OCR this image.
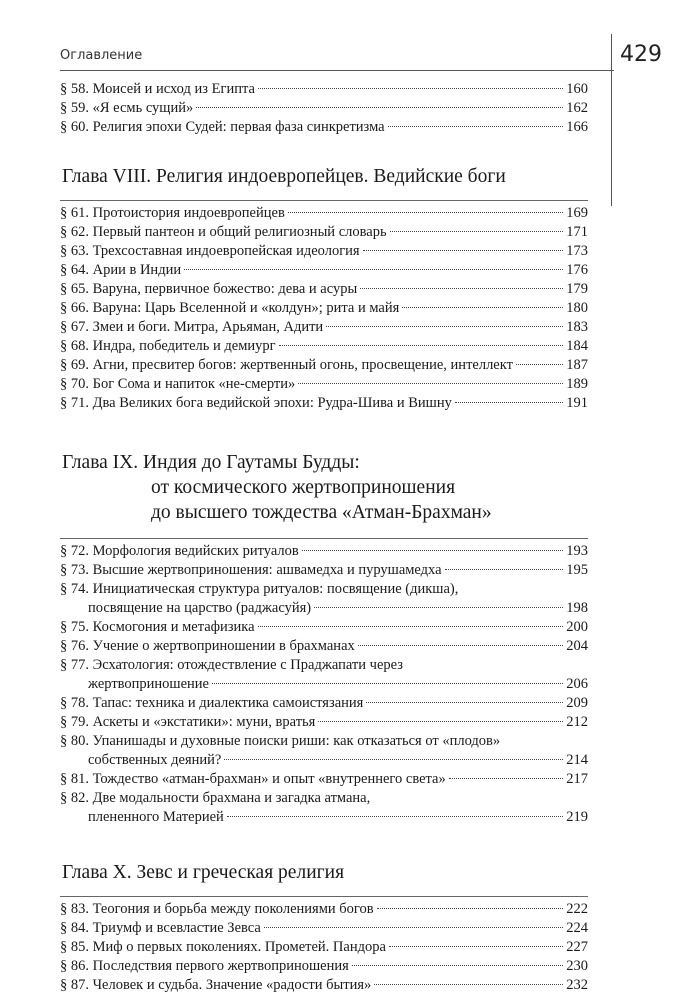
Оглавление	429
§ 58. Моисей и исход из Египта	160
§ 59. «Я есмь сущий»	162
§ 60. Религия эпохи Судей: первая фаза синкретизма	166
Глава VIII. Религия индоевропейцев. Ведийские боги
§ 61. Протоистория индоевропейцев	169
§ 62. Первый пантеон и общий религиозный словарь	171
§ 63. Трехсоставная индоевропейская идеология	173
§ 64. Арии в Индии	176
§ 65. Варуна, первичное божество: дева и асуры	179
§ 66. Варуна: Царь Вселенной и «колдун»; рита и майя	180
§ 67. Змеи и боги. Митра, Арьяман, Адити	183
§ 68. Индра, победитель и демиург	184
§ 69. Агни, пресвитер богов: жертвенный огонь, просвещение, интеллект	187
§ 70. Бог Сома и напиток «не-смерти»	189
§ 71. Два Великих бога ведийской эпохи: Рудра-Шива и Вишну	191
Глава IX. Индия до Гаутамы Будды:
от космического жертвоприношения
до высшего тождества «Атман-Брахман»
§ 72. Морфология ведийских ритуалов	193
§ 73. Высшие жертвоприношения: ашвамедха и пурушамедха	195
§ 74. Инициатическая структура ритуалов: посвящение (дикша),
посвящение на царство (раджасуйя)	198
§ 75. Космогония и метафизика	200
§ 76. Учение о жертвоприношении в брахманах	204
§ 77. Эсхатология: отождествление с Праджапати через
жертвоприношение	206
§ 78. Тапас: техника и диалектика самоистязания	209
§ 79. Аскеты и «экстатики»: муни, вратья	212
§ 80. Упанишады и духовные поиски риши: как отказаться от «плодов»
собственных деяний?	214
§ 81. Тождество «атман-брахман» и опыт «внутреннего света»	217
§ 82. Две модальности брахмана и загадка атмана,
плененного Материей	219
Глава X. Зевс и греческая религия
§ 83. Теогония и борьба между поколениями богов	222
§ 84. Триумф и всевластие Зевса	224
§ 85. Миф о первых поколениях. Прометей. Пандора	227
§ 86. Последствия первого жертвоприношения	230
§ 87. Человек и судьба. Значение «радости бытия»	232
